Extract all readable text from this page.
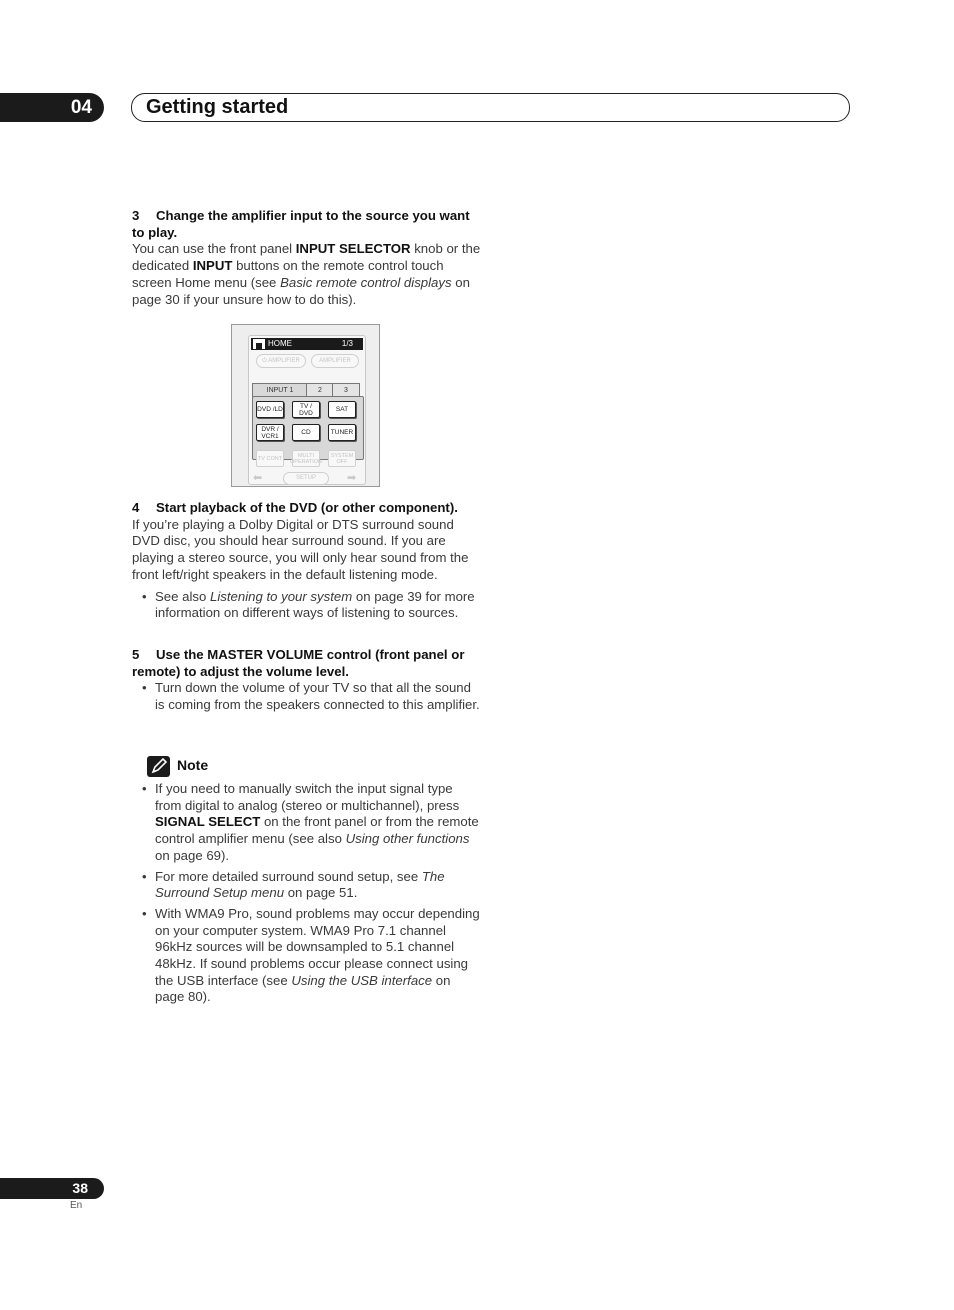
04	Getting started
3 Change the amplifier input to the source you want to play.
You can use the front panel INPUT SELECTOR knob or the dedicated INPUT buttons on the remote control touch screen Home menu (see Basic remote control displays on page 30 if your unsure how to do this).
HOME	1/3
⏻ AMPLIFIER	AMPLIFIER
INPUT 1	2	3
DVD /LD	TV / DVD	SAT
DVR / VCR1	CD	TUNER
TV CONT	MULTI OPERATION
SYSTEM OFF
⬅	SETUP	➡
4 Start playback of the DVD (or other component).
If you’re playing a Dolby Digital or DTS surround sound DVD disc, you should hear surround sound. If you are playing a stereo source, you will only hear sound from the front left/right speakers in the default listening mode.
• See also Listening to your system on page 39 for more information on different ways of listening to sources.
5 Use the MASTER VOLUME control (front panel or remote) to adjust the volume level.
• Turn down the volume of your TV so that all the sound is coming from the speakers connected to this amplifier.
Note
• If you need to manually switch the input signal type from digital to analog (stereo or multichannel), press SIGNAL SELECT on the front panel or from the remote control amplifier menu (see also Using other functions on page 69).
• For more detailed surround sound setup, see The Surround Setup menu on page 51.
• With WMA9 Pro, sound problems may occur depending on your computer system. WMA9 Pro 7.1 channel 96kHz sources will be downsampled to 5.1 channel 48kHz. If sound problems occur please connect using the USB interface (see Using the USB interface on page 80).
38
En
